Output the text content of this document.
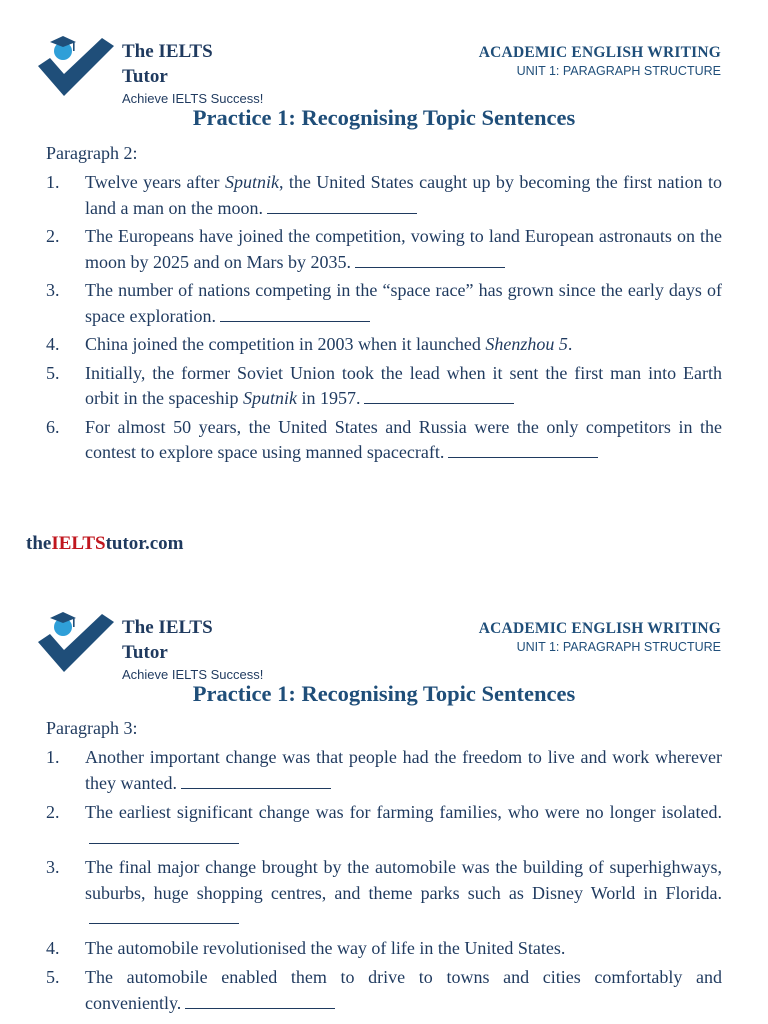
The IELTS
Tutor
Achieve IELTS Success!
ACADEMIC ENGLISH WRITING
UNIT 1: PARAGRAPH STRUCTURE
Practice 1: Recognising Topic Sentences
Paragraph 2:
1. Twelve years after Sputnik, the United States caught up by becoming the first nation to land a man on the moon.
2. The Europeans have joined the competition, vowing to land European astronauts on the moon by 2025 and on Mars by 2035.
3. The number of nations competing in the “space race” has grown since the early days of space exploration.
4. China joined the competition in 2003 when it launched Shenzhou 5.
5. Initially, the former Soviet Union took the lead when it sent the first man into Earth orbit in the spaceship Sputnik in 1957.
6. For almost 50 years, the United States and Russia were the only competitors in the contest to explore space using manned spacecraft.
theIELTStutor.com
The IELTS
Tutor
Achieve IELTS Success!
ACADEMIC ENGLISH WRITING
UNIT 1: PARAGRAPH STRUCTURE
Practice 1: Recognising Topic Sentences
Paragraph 3:
1. Another important change was that people had the freedom to live and work wherever they wanted.
2. The earliest significant change was for farming families, who were no longer isolated.
3. The final major change brought by the automobile was the building of superhighways, suburbs, huge shopping centres, and theme parks such as Disney World in Florida.
4. The automobile revolutionised the way of life in the United States.
5. The automobile enabled them to drive to towns and cities comfortably and conveniently.
